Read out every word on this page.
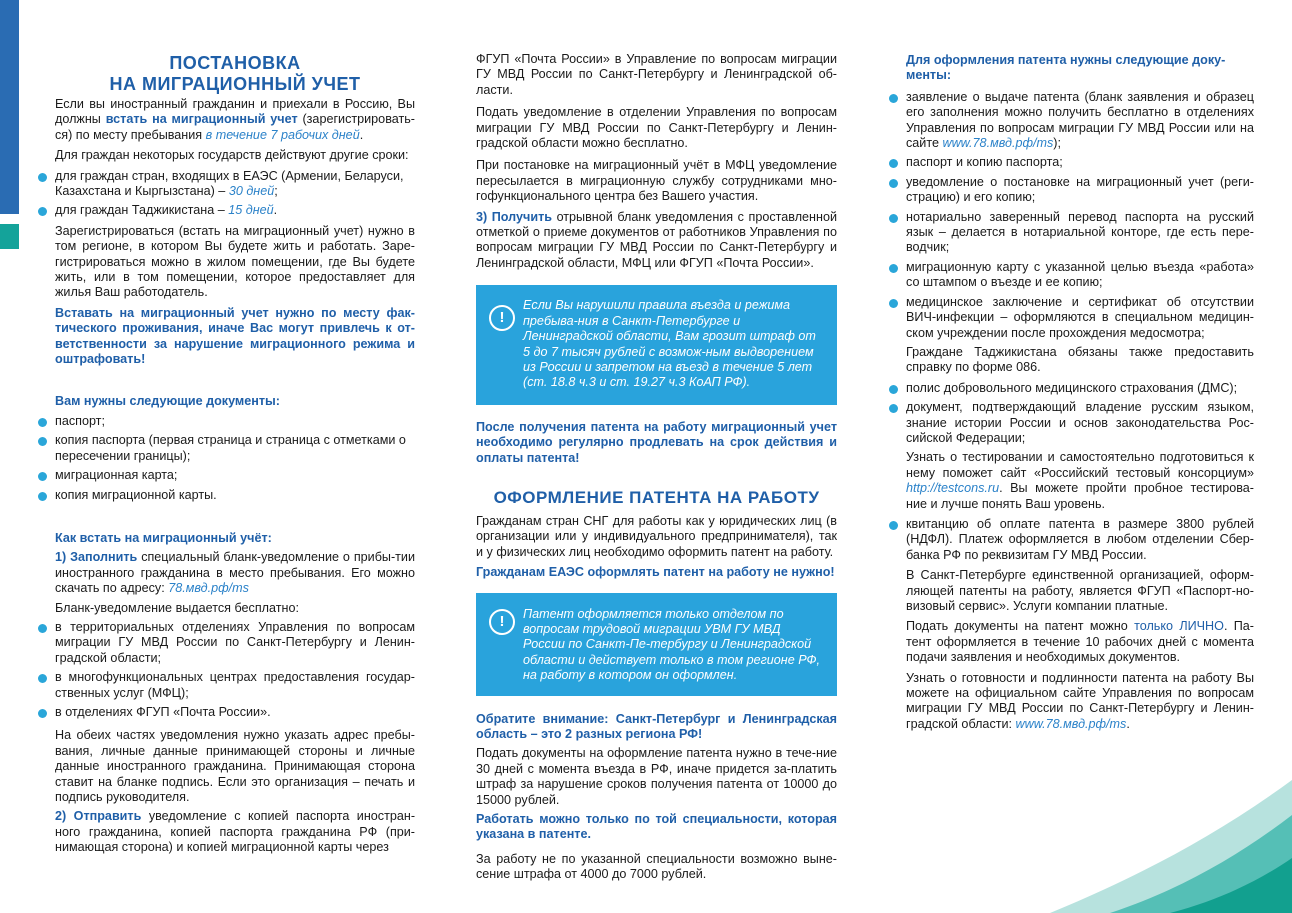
ПОСТАНОВКА
НА МИГРАЦИОННЫЙ УЧЕТ

Если вы иностранный гражданин и приехали в Россию, Вы должны встать на миграционный учет (зарегистрировать-ся) по месту пребывания в течение 7 рабочих дней.

Для граждан некоторых государств действуют другие сроки:

для граждан стран, входящих в ЕАЭС (Армении, Беларуси, Казахстана и Кыргызстана) – 30 дней;
для граждан Таджикистана – 15 дней.

Зарегистрироваться (встать на миграционный учет) нужно в том регионе, в котором Вы будете жить и работать. Заре-гистрироваться можно в жилом помещении, где Вы будете жить, или в том помещении, которое предоставляет для жилья Ваш работодатель.

Вставать на миграционный учет нужно по месту фак-тического проживания, иначе Вас могут привлечь к от-ветственности за нарушение миграционного режима и оштрафовать!

Вам нужны следующие документы:

паспорт;
копия паспорта (первая страница и страница с отметками о пересечении границы);
миграционная карта;
копия миграционной карты.

Как встать на миграционный учёт:

1) Заполнить специальный бланк-уведомление о прибы-тии иностранного гражданина в место пребывания. Его можно скачать по адресу: 78.мвд.рф/ms

Бланк-уведомление выдается бесплатно:

в территориальных отделениях Управления по вопросам миграции ГУ МВД России по Санкт-Петербургу и Ленин-градской области;
в многофункциональных центрах предоставления государ-ственных услуг (МФЦ);
в отделениях ФГУП «Почта России».

На обеих частях уведомления нужно указать адрес пребы-вания, личные данные принимающей стороны и личные данные иностранного гражданина. Принимающая сторона ставит на бланке подпись. Если это организация – печать и подпись руководителя.

2) Отправить уведомление с копией паспорта иностран-ного гражданина, копией паспорта гражданина РФ (при-нимающая сторона) и копией миграционной карты через

ФГУП «Почта России» в Управление по вопросам миграции ГУ МВД России по Санкт-Петербургу и Ленинградской об-ласти.

Подать уведомление в отделении Управления по вопросам миграции ГУ МВД России по Санкт-Петербургу и Ленин-градской области можно бесплатно.

При постановке на миграционный учёт в МФЦ уведомление пересылается в миграционную службу сотрудниками мно-гофункционального центра без Вашего участия.

3) Получить отрывной бланк уведомления с проставленной отметкой о приеме документов от работников Управления по вопросам миграции ГУ МВД России по Санкт-Петербургу и Ленинградской области, МФЦ или ФГУП «Почта России».

!
Если Вы нарушили правила въезда и режима пребыва-ния в Санкт-Петербурге и Ленинградской области, Вам грозит штраф от 5 до 7 тысяч рублей с возмож-ным выдворением из России и запретом на въезд в течение 5 лет (ст. 18.8 ч.3 и ст. 19.27 ч.3 КоАП РФ).

После получения патента на работу миграционный учет необходимо регулярно продлевать на срок действия и оплаты патента!

ОФОРМЛЕНИЕ ПАТЕНТА НА РАБОТУ

Гражданам стран СНГ для работы как у юридических лиц (в организации или у индивидуального предпринимателя), так и у физических лиц необходимо оформить патент на работу.

Гражданам ЕАЭС оформлять патент на работу не нужно!

!	Патент оформляется только отделом по вопросам трудовой миграции УВМ ГУ МВД России по Санкт-Пе-тербургу и Ленинградской области и действует только в том регионе РФ, на работу в котором он оформлен.

Обратите внимание: Санкт-Петербург и Ленинградская область – это 2 разных региона РФ!

Подать документы на оформление патента нужно в тече-ние 30 дней с момента въезда в РФ, иначе придется за-платить штраф за нарушение сроков получения патента от 10000 до 15000 рублей.

Работать можно только по той специальности, которая указана в патенте.

За работу не по указанной специальности возможно выне-сение штрафа от 4000 до 7000 рублей.

Для оформления патента нужны следующие доку-менты:

заявление о выдаче патента (бланк заявления и образец его заполнения можно получить бесплатно в отделениях Управления по вопросам миграции ГУ МВД России или на сайте www.78.мвд.рф/ms);
паспорт и копию паспорта;
уведомление о постановке на миграционный учет (реги-страцию) и его копию;
нотариально заверенный перевод паспорта на русский язык – делается в нотариальной конторе, где есть пере-водчик;
миграционную карту с указанной целью въезда «работа» со штампом о въезде и ее копию;
медицинское заключение и сертификат об отсутствии ВИЧ-инфекции – оформляются в специальном медицин-ском учреждении после прохождения медосмотра;

Граждане Таджикистана обязаны также предоставить справку по форме 086.

полис добровольного медицинского страхования (ДМС);
документ, подтверждающий владение русским языком, знание истории России и основ законодательства Рос-сийской Федерации;

Узнать о тестировании и самостоятельно подготовиться к нему поможет сайт «Российский тестовый консорциум» http://testcons.ru. Вы можете пройти пробное тестирова-ние и лучше понять Ваш уровень.

квитанцию об оплате патента в размере 3800 рублей (НДФЛ). Платеж оформляется в любом отделении Сбер-банка РФ по реквизитам ГУ МВД России.

В Санкт-Петербурге единственной организацией, оформ-ляющей патенты на работу, является ФГУП «Паспорт-но-визовый сервис». Услуги компании платные.

Подать документы на патент можно только ЛИЧНО. Па-тент оформляется в течение 10 рабочих дней с момента подачи заявления и необходимых документов.

Узнать о готовности и подлинности патента на работу Вы можете на официальном сайте Управления по вопросам миграции ГУ МВД России по Санкт-Петербургу и Ленин-градской области: www.78.мвд.рф/ms.
